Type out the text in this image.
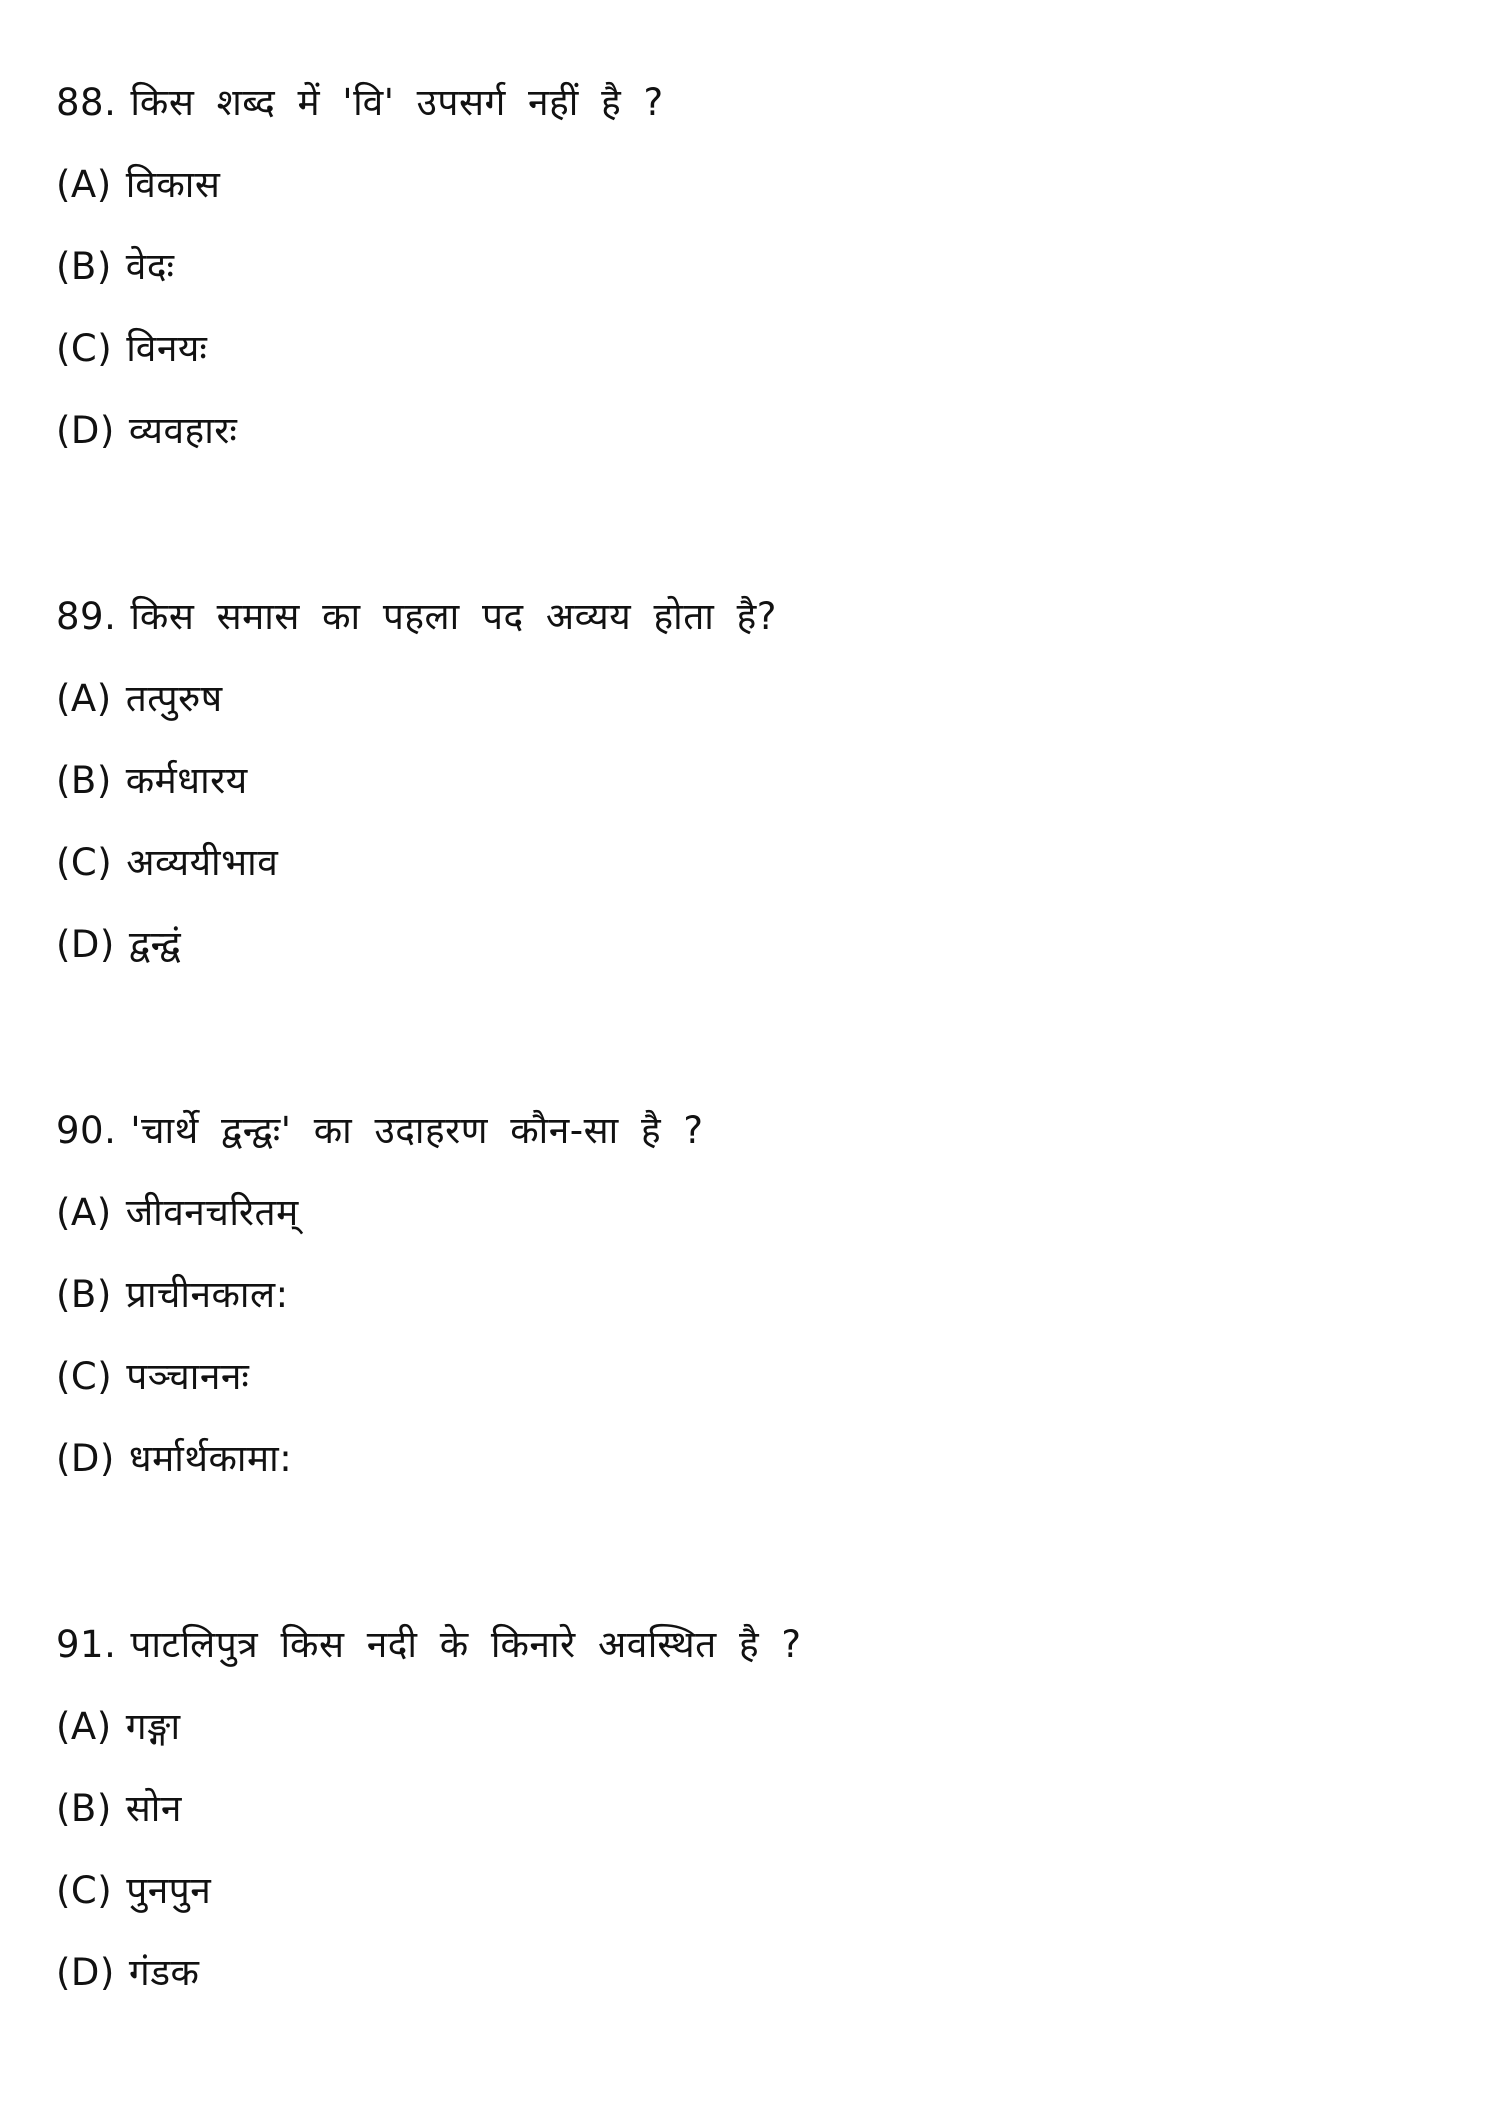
88. किस शब्द में 'वि' उपसर्ग नहीं है ?
(A) विकास
(B) वेदः
(C) विनयः
(D) व्यवहारः
89. किस समास का पहला पद अव्यय होता है?
(A) तत्पुरुष
(B) कर्मधारय
(C) अव्ययीभाव
(D) द्वन्द्वं
90. 'चार्थे द्वन्द्वः' का उदाहरण कौन-सा है ?
(A) जीवनचरितम्
(B) प्राचीनकाल:
(C) पञ्चाननः
(D) धर्मार्थकामा:
91. पाटलिपुत्र किस नदी के किनारे अवस्थित है ?
(A) गङ्गा
(B) सोन
(C) पुनपुन
(D) गंडक
